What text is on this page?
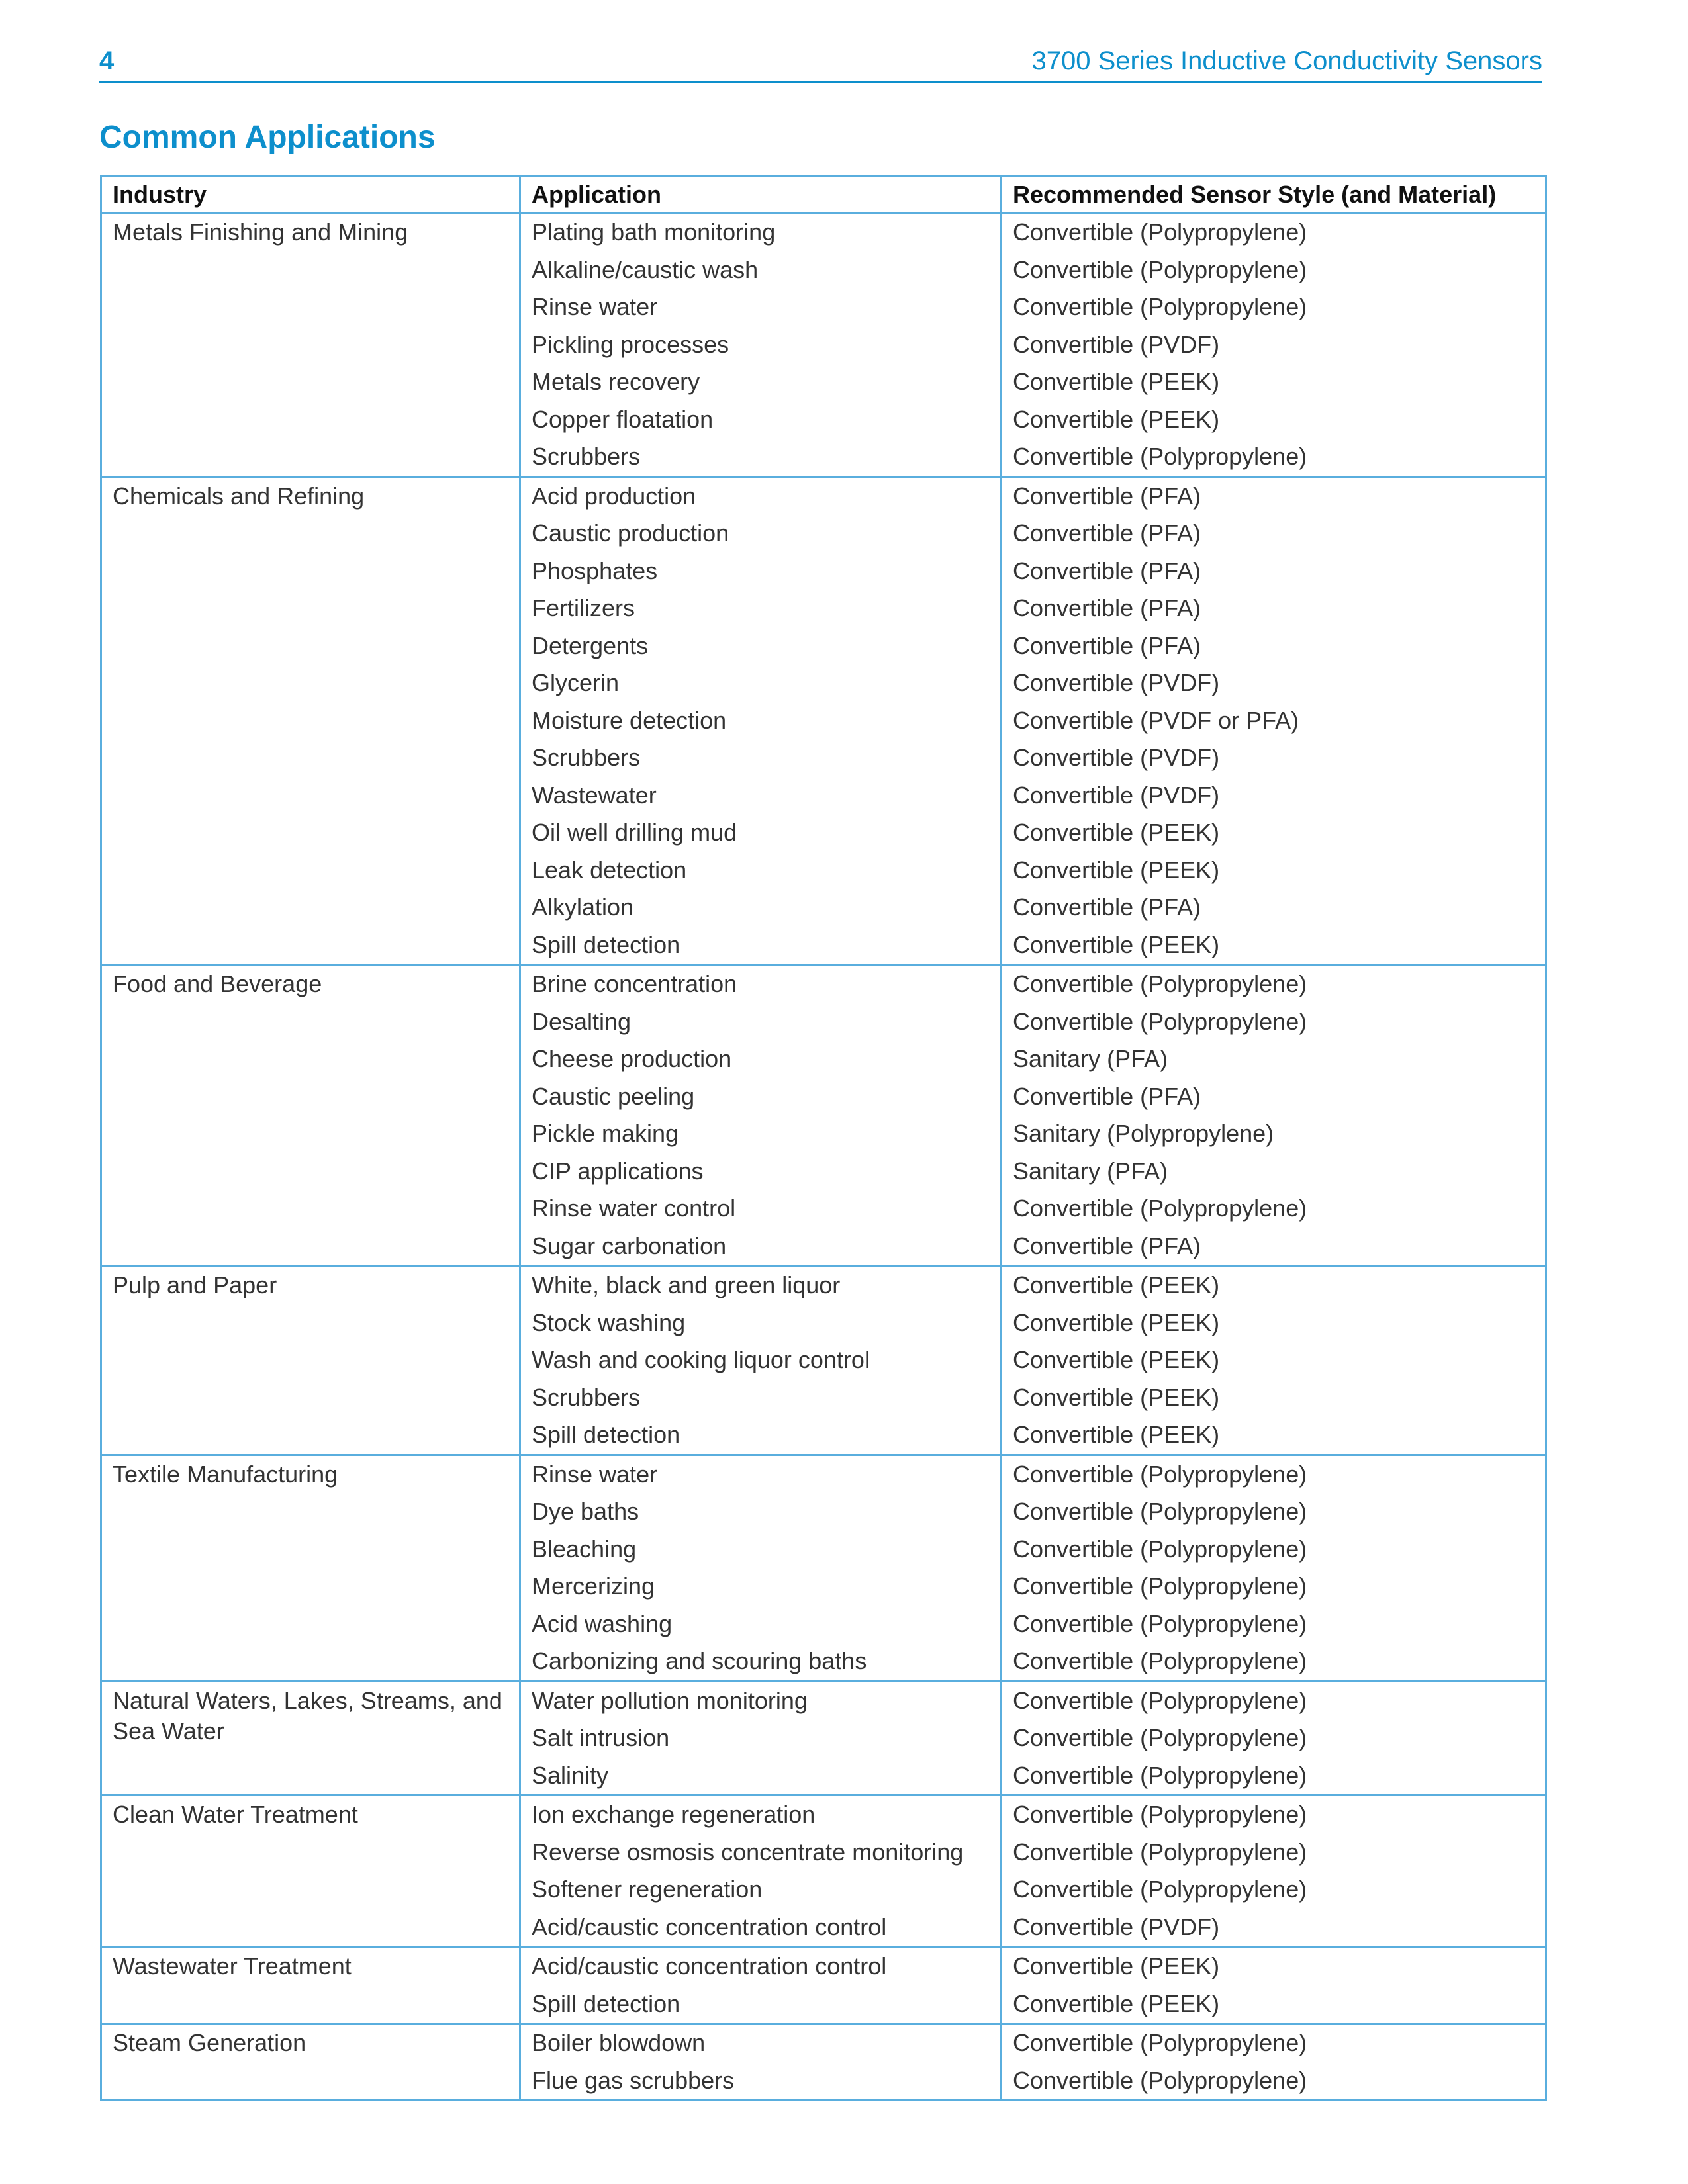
4	3700 Series Inductive Conductivity Sensors
Common Applications
Industry	Application	Recommended Sensor Style (and Material)
Metals Finishing and Mining	Plating bath monitoring	Convertible (Polypropylene)
	Alkaline/caustic wash	Convertible (Polypropylene)
	Rinse water	Convertible (Polypropylene)
	Pickling processes	Convertible (PVDF)
	Metals recovery	Convertible (PEEK)
	Copper floatation	Convertible (PEEK)
	Scrubbers	Convertible (Polypropylene)
Chemicals and Refining	Acid production	Convertible (PFA)
	Caustic production	Convertible (PFA)
	Phosphates	Convertible (PFA)
	Fertilizers	Convertible (PFA)
	Detergents	Convertible (PFA)
	Glycerin	Convertible (PVDF)
	Moisture detection	Convertible (PVDF or PFA)
	Scrubbers	Convertible (PVDF)
	Wastewater	Convertible (PVDF)
	Oil well drilling mud	Convertible (PEEK)
	Leak detection	Convertible (PEEK)
	Alkylation	Convertible (PFA)
	Spill detection	Convertible (PEEK)
Food and Beverage	Brine concentration	Convertible (Polypropylene)
	Desalting	Convertible (Polypropylene)
	Cheese production	Sanitary (PFA)
	Caustic peeling	Convertible (PFA)
	Pickle making	Sanitary (Polypropylene)
	CIP applications	Sanitary (PFA)
	Rinse water control	Convertible (Polypropylene)
	Sugar carbonation	Convertible (PFA)
Pulp and Paper	White, black and green liquor	Convertible (PEEK)
	Stock washing	Convertible (PEEK)
	Wash and cooking liquor control	Convertible (PEEK)
	Scrubbers	Convertible (PEEK)
	Spill detection	Convertible (PEEK)
Textile Manufacturing	Rinse water	Convertible (Polypropylene)
	Dye baths	Convertible (Polypropylene)
	Bleaching	Convertible (Polypropylene)
	Mercerizing	Convertible (Polypropylene)
	Acid washing	Convertible (Polypropylene)
	Carbonizing and scouring baths	Convertible (Polypropylene)
Natural Waters, Lakes, Streams, and Sea Water	Water pollution monitoring	Convertible (Polypropylene)
	Salt intrusion	Convertible (Polypropylene)
	Salinity	Convertible (Polypropylene)
Clean Water Treatment	Ion exchange regeneration	Convertible (Polypropylene)
	Reverse osmosis concentrate monitoring	Convertible (Polypropylene)
	Softener regeneration	Convertible (Polypropylene)
	Acid/caustic concentration control	Convertible (PVDF)
Wastewater Treatment	Acid/caustic concentration control	Convertible (PEEK)
	Spill detection	Convertible (PEEK)
Steam Generation	Boiler blowdown	Convertible (Polypropylene)
	Flue gas scrubbers	Convertible (Polypropylene)
